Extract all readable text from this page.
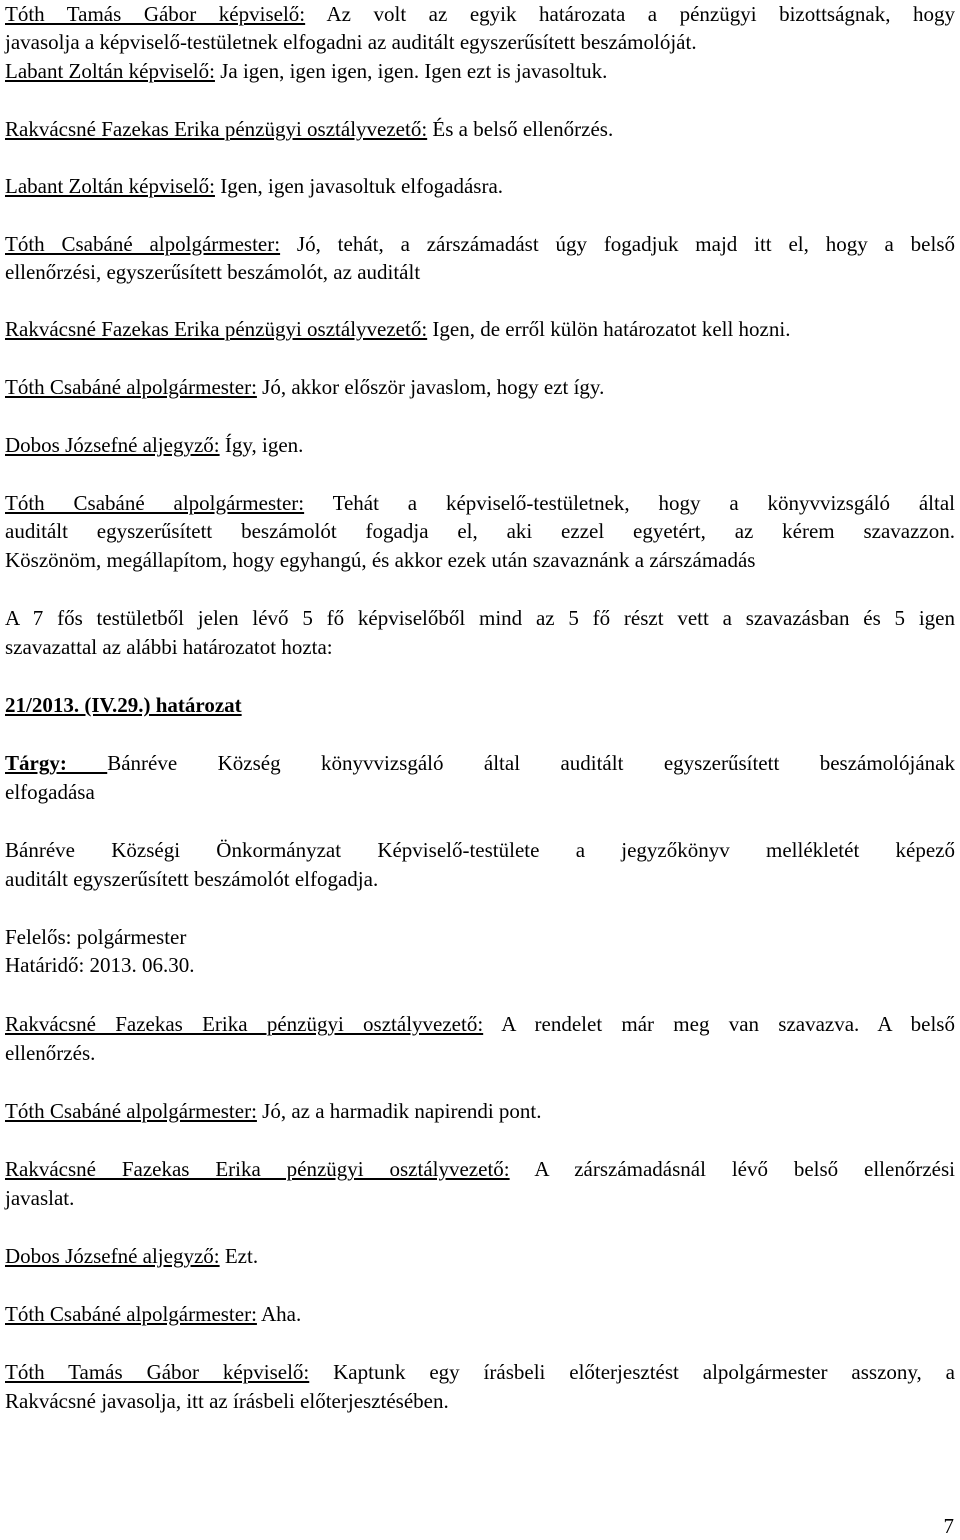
Tóth Tamás Gábor képviselő: Az volt az egyik határozata a pénzügyi bizottságnak, hogy
javasolja a képviselő-testületnek elfogadni az auditált egyszerűsített beszámolóját.
Labant Zoltán képviselő: Ja igen, igen igen, igen. Igen ezt is javasoltuk.
Rakvácsné Fazekas Erika pénzügyi osztályvezető: És a belső ellenőrzés.
Labant Zoltán képviselő: Igen, igen javasoltuk elfogadásra.
Tóth Csabáné alpolgármester: Jó, tehát, a zárszámadást úgy fogadjuk majd itt el, hogy a belső
ellenőrzési, egyszerűsített beszámolót, az auditált
Rakvácsné Fazekas Erika pénzügyi osztályvezető: Igen, de erről külön határozatot kell hozni.
Tóth Csabáné alpolgármester: Jó, akkor először javaslom, hogy ezt így.
Dobos Józsefné aljegyző: Így, igen.
Tóth Csabáné alpolgármester: Tehát a képviselő-testületnek, hogy a könyvvizsgáló által
auditált egyszerűsített beszámolót fogadja el, aki ezzel egyetért, az kérem szavazzon.
Köszönöm, megállapítom, hogy egyhangú, és akkor ezek után szavaznánk a zárszámadás
A 7 fős testületből jelen lévő 5 fő képviselőből mind az 5 fő részt vett a szavazásban és 5 igen
szavazattal az alábbi határozatot hozta:
21/2013. (IV.29.) határozat
Tárgy: Bánréve Község könyvvizsgáló által auditált egyszerűsített beszámolójának
elfogadása
Bánréve Községi Önkormányzat Képviselő-testülete a jegyzőkönyv mellékletét képező
auditált egyszerűsített beszámolót elfogadja.
Felelős: polgármester
Határidő: 2013. 06.30.
Rakvácsné Fazekas Erika pénzügyi osztályvezető: A rendelet már meg van szavazva. A belső
ellenőrzés.
Tóth Csabáné alpolgármester: Jó, az a harmadik napirendi pont.
Rakvácsné Fazekas Erika pénzügyi osztályvezető: A zárszámadásnál lévő belső ellenőrzési
javaslat.
Dobos Józsefné aljegyző: Ezt.
Tóth Csabáné alpolgármester: Aha.
Tóth Tamás Gábor képviselő: Kaptunk egy írásbeli előterjesztést alpolgármester asszony, a
Rakvácsné javasolja, itt az írásbeli előterjesztésében.
7
